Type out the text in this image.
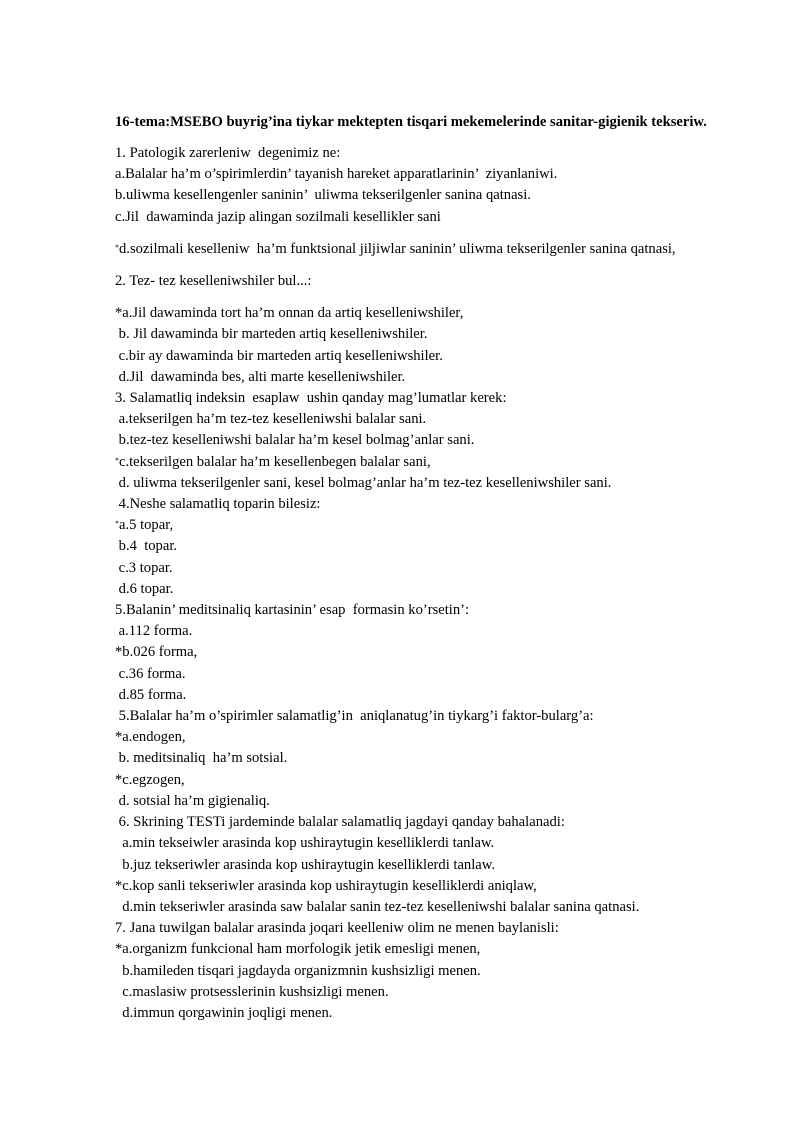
16-tema:MSEBO buyrig’ina tiykar mektepten tisqari mekemelerinde sanitar-gigienik tekseriw.
1. Patologik zarerleniw  degenimiz ne:
a.Balalar ha’m o’spirimlerdin’ tayanish hareket apparatlarinin’  ziyanlaniwi.
b.uliwma kesellengenler saninin’  uliwma tekserilgenler sanina qatnasi.
c.Jil  dawaminda jazip alingan sozilmali kesellikler sani
*d.sozilmali keselleniw  ha’m funktsional jiljiwlar saninin’ uliwma tekserilgenler sanina qatnasi,
2. Tez- tez keselleniwshiler bul...:
*a.Jil dawaminda tort ha’m onnan da artiq keselleniwshiler,
b. Jil dawaminda bir marteden artiq keselleniwshiler.
c.bir ay dawaminda bir marteden artiq keselleniwshiler.
d.Jil  dawaminda bes, alti marte keselleniwshiler.
3. Salamatliq indeksin  esaplaw  ushin qanday mag’lumatlar kerek:
a.tekserilgen ha’m tez-tez keselleniwshi balalar sani.
b.tez-tez keselleniwshi balalar ha’m kesel bolmag’anlar sani.
*c.tekserilgen balalar ha’m kesellenbegen balalar sani,
d. uliwma tekserilgenler sani, kesel bolmag’anlar ha’m tez-tez keselleniwshiler sani.
4.Neshe salamatliq toparin bilesiz:
*a.5 topar,
b.4  topar.
c.3 topar.
d.6 topar.
5.Balanin’ meditsinaliq kartasinin’ esap  formasin ko’rsetin’:
a.112 forma.
*b.026 forma,
c.36 forma.
d.85 forma.
5.Balalar ha’m o’spirimler salamatlig’in  aniqlanatug’in tiykarg’i faktor-bularg’a:
*a.endogen,
b. meditsinaliq  ha’m sotsial.
*c.egzogen,
d. sotsial ha’m gigienaliq.
6. Skrining TESTi jardeminde balalar salamatliq jagdayi qanday bahalanadi:
a.min tekseiwler arasinda kop ushiraytugin keselliklerdi tanlaw.
b.juz tekseriwler arasinda kop ushiraytugin keselliklerdi tanlaw.
*c.kop sanli tekseriwler arasinda kop ushiraytugin keselliklerdi aniqlaw,
d.min tekseriwler arasinda saw balalar sanin tez-tez keselleniwshi balalar sanina qatnasi.
7. Jana tuwilgan balalar arasinda joqari keelleniw olim ne menen baylanisli:
*a.organizm funkcional ham morfologik jetik emesligi menen,
b.hamileden tisqari jagdayda organizmnin kushsizligi menen.
c.maslasiw protsesslerinin kushsizligi menen.
d.immun qorgawinin joqligi menen.
